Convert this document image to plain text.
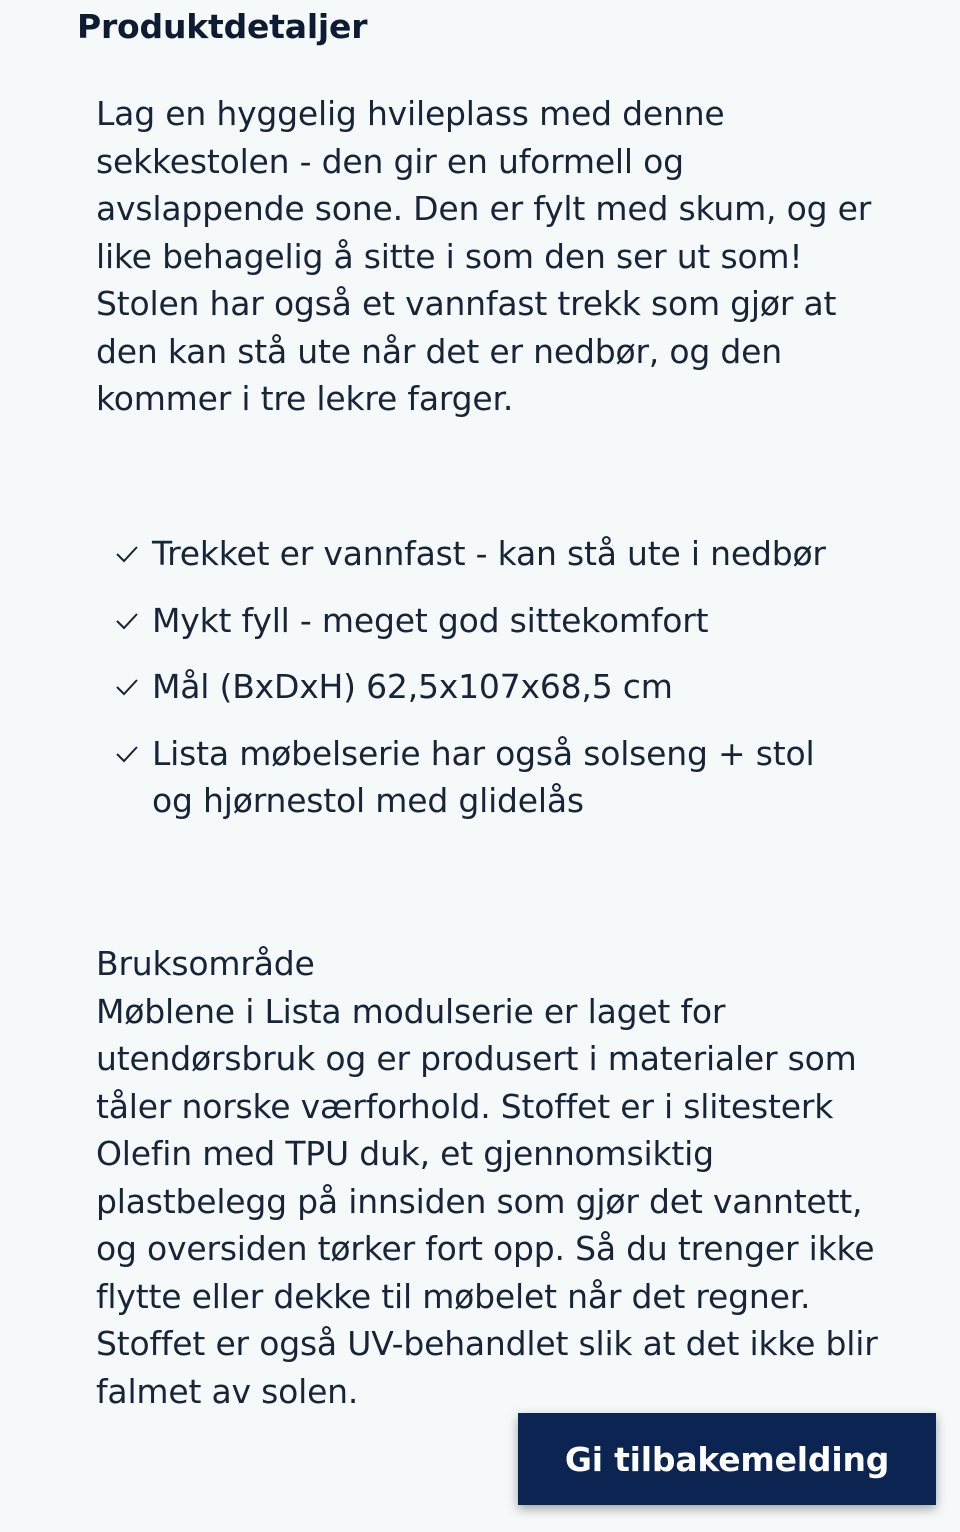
Produktdetaljer

Lag en hyggelig hvileplass med denne sekkestolen - den gir en uformell og avslappende sone. Den er fylt med skum, og er like behagelig å sitte i som den ser ut som! Stolen har også et vannfast trekk som gjør at den kan stå ute når det er nedbør, og den kommer i tre lekre farger.

Trekket er vannfast - kan stå ute i nedbør
Mykt fyll - meget god sittekomfort
Mål (BxDxH) 62,5x107x68,5 cm
Lista møbelserie har også solseng + stol og hjørnestol med glidelås

Bruksområde
Møblene i Lista modulserie er laget for utendørsbruk og er produsert i materialer som tåler norske værforhold. Stoffet er i slitesterk Olefin med TPU duk, et gjennomsiktig plastbelegg på innsiden som gjør det vanntett, og oversiden tørker fort opp. Så du trenger ikke flytte eller dekke til møbelet når det regner. Stoffet er også UV-behandlet slik at det ikke blir falmet av solen.

Gi tilbakemelding
